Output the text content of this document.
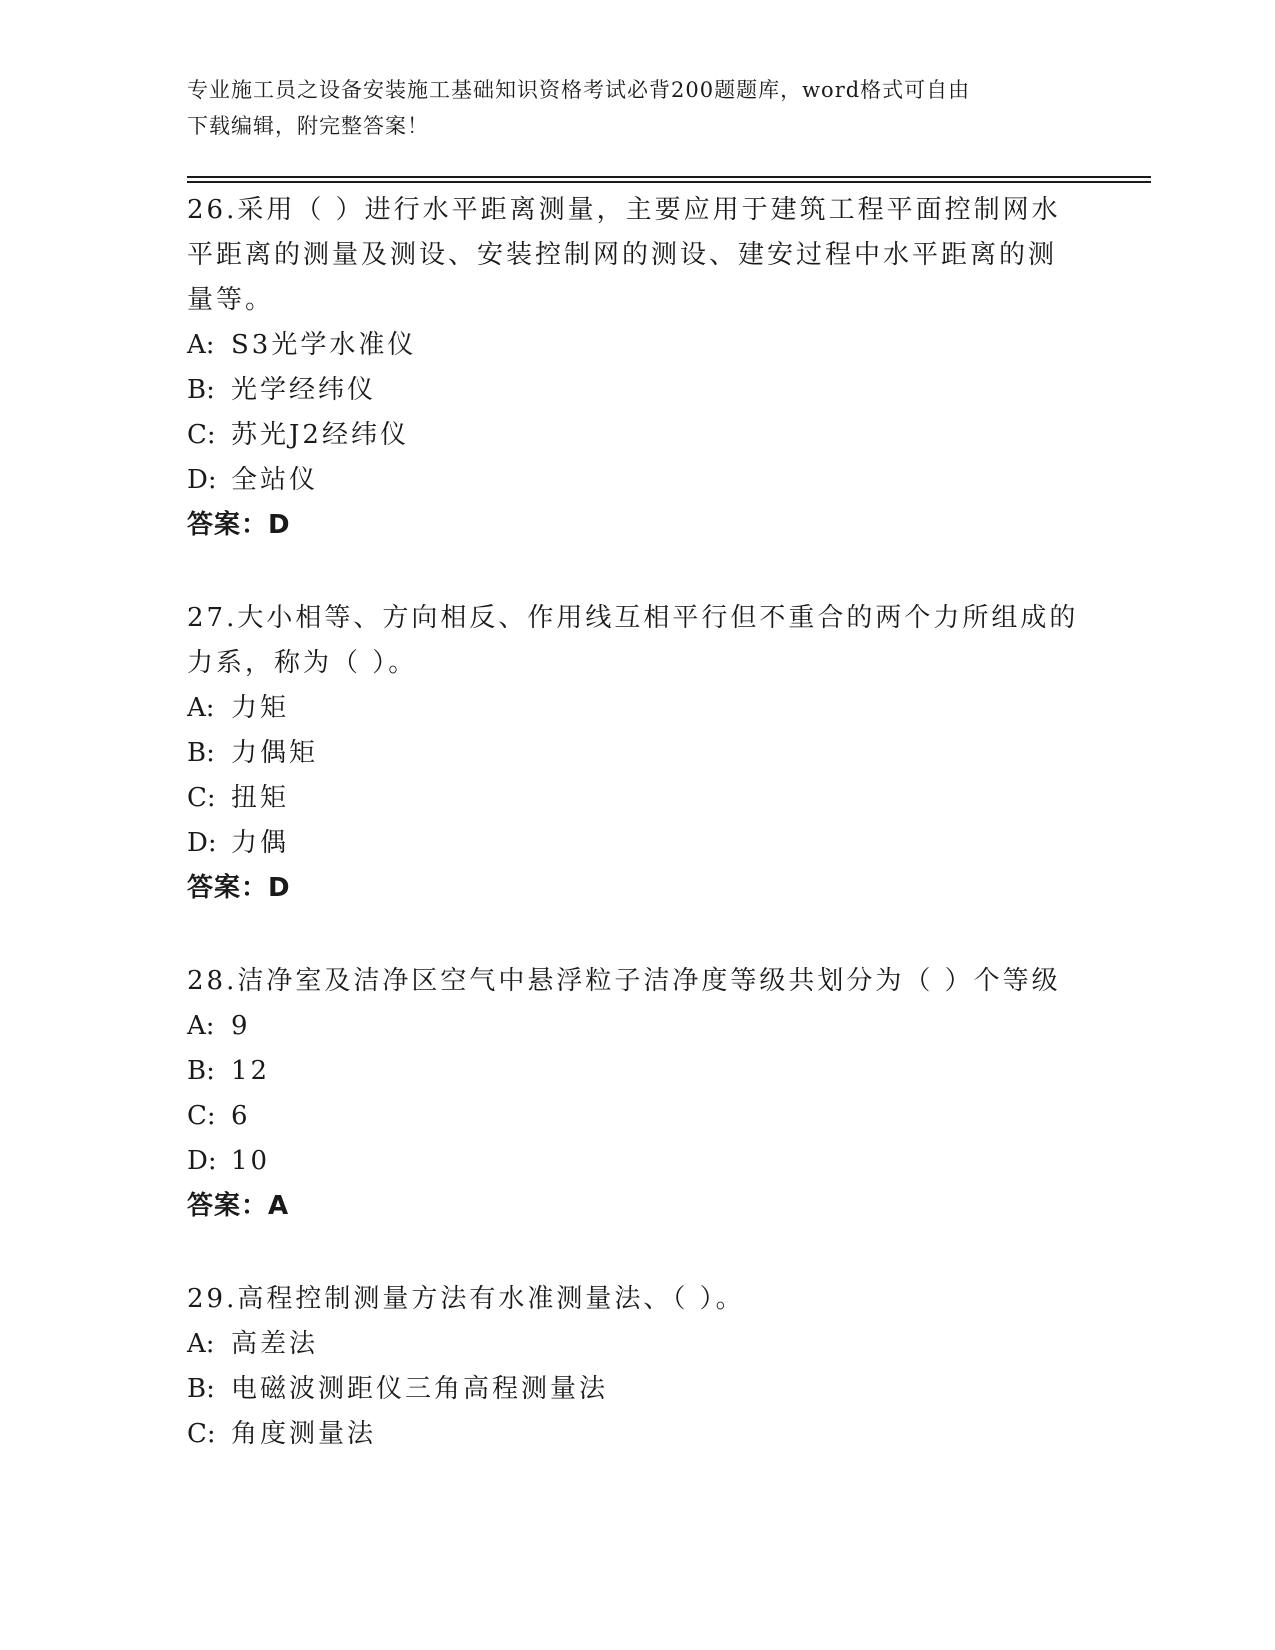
专业施工员之设备安装施工基础知识资格考试必背200题题库，word格式可自由
下载编辑，附完整答案！
26.采用（ ）进行水平距离测量，主要应用于建筑工程平面控制网水
平距离的测量及测设、安装控制网的测设、建安过程中水平距离的测
量等。
A: S3光学水准仪
B: 光学经纬仪
C: 苏光J2经纬仪
D: 全站仪
答案：D
27.大小相等、方向相反、作用线互相平行但不重合的两个力所组成的
力系，称为（ ）。
A: 力矩
B: 力偶矩
C: 扭矩
D: 力偶
答案：D
28.洁净室及洁净区空气中悬浮粒子洁净度等级共划分为（ ）个等级
A: 9
B: 12
C: 6
D: 10
答案：A
29.高程控制测量方法有水准测量法、（ ）。
A: 高差法
B: 电磁波测距仪三角高程测量法
C: 角度测量法
